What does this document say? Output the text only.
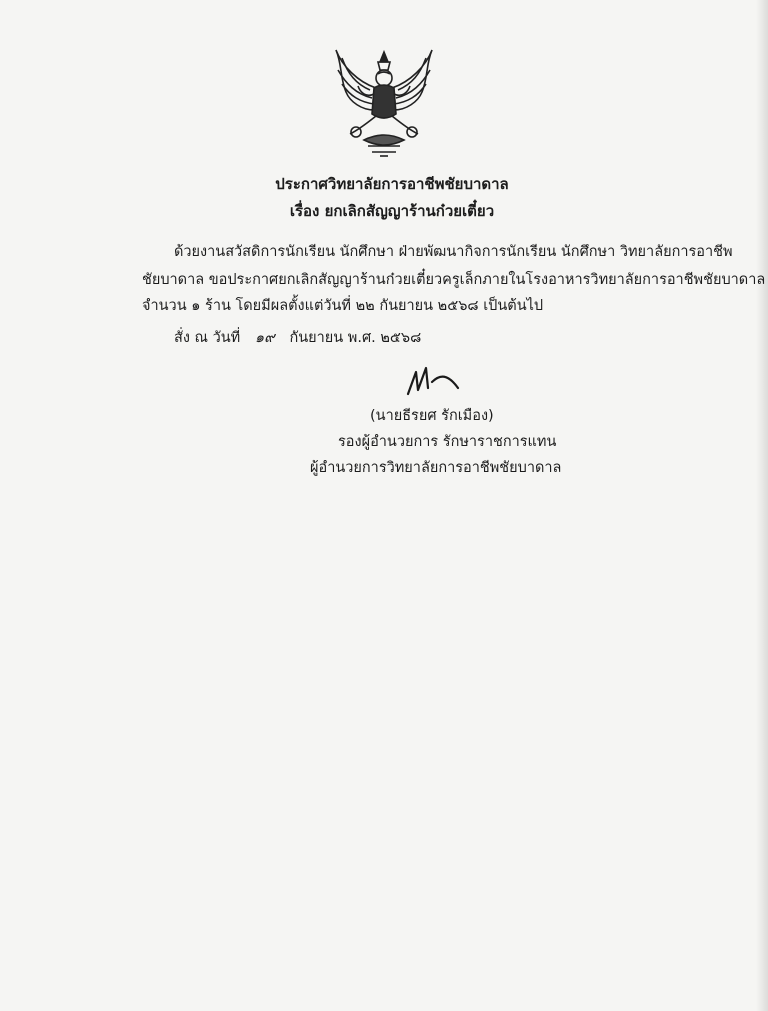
ประกาศวิทยาลัยการอาชีพชัยบาดาล
เรื่อง ยกเลิกสัญญาร้านก๋วยเตี๋ยว
ด้วยงานสวัสดิการนักเรียน นักศึกษา ฝ่ายพัฒนากิจการนักเรียน นักศึกษา วิทยาลัยการอาชีพ
ชัยบาดาล ขอประกาศยกเลิกสัญญาร้านก๋วยเตี๋ยวครูเล็กภายในโรงอาหารวิทยาลัยการอาชีพชัยบาดาล
จำนวน ๑ ร้าน โดยมีผลตั้งแต่วันที่ ๒๒ กันยายน ๒๕๖๘ เป็นต้นไป
สั่ง ณ วันที่ ๑๙ กันยายน พ.ศ. ๒๕๖๘
(นายธีรยศ รักเมือง)
รองผู้อำนวยการ รักษาราชการแทน
ผู้อำนวยการวิทยาลัยการอาชีพชัยบาดาล
